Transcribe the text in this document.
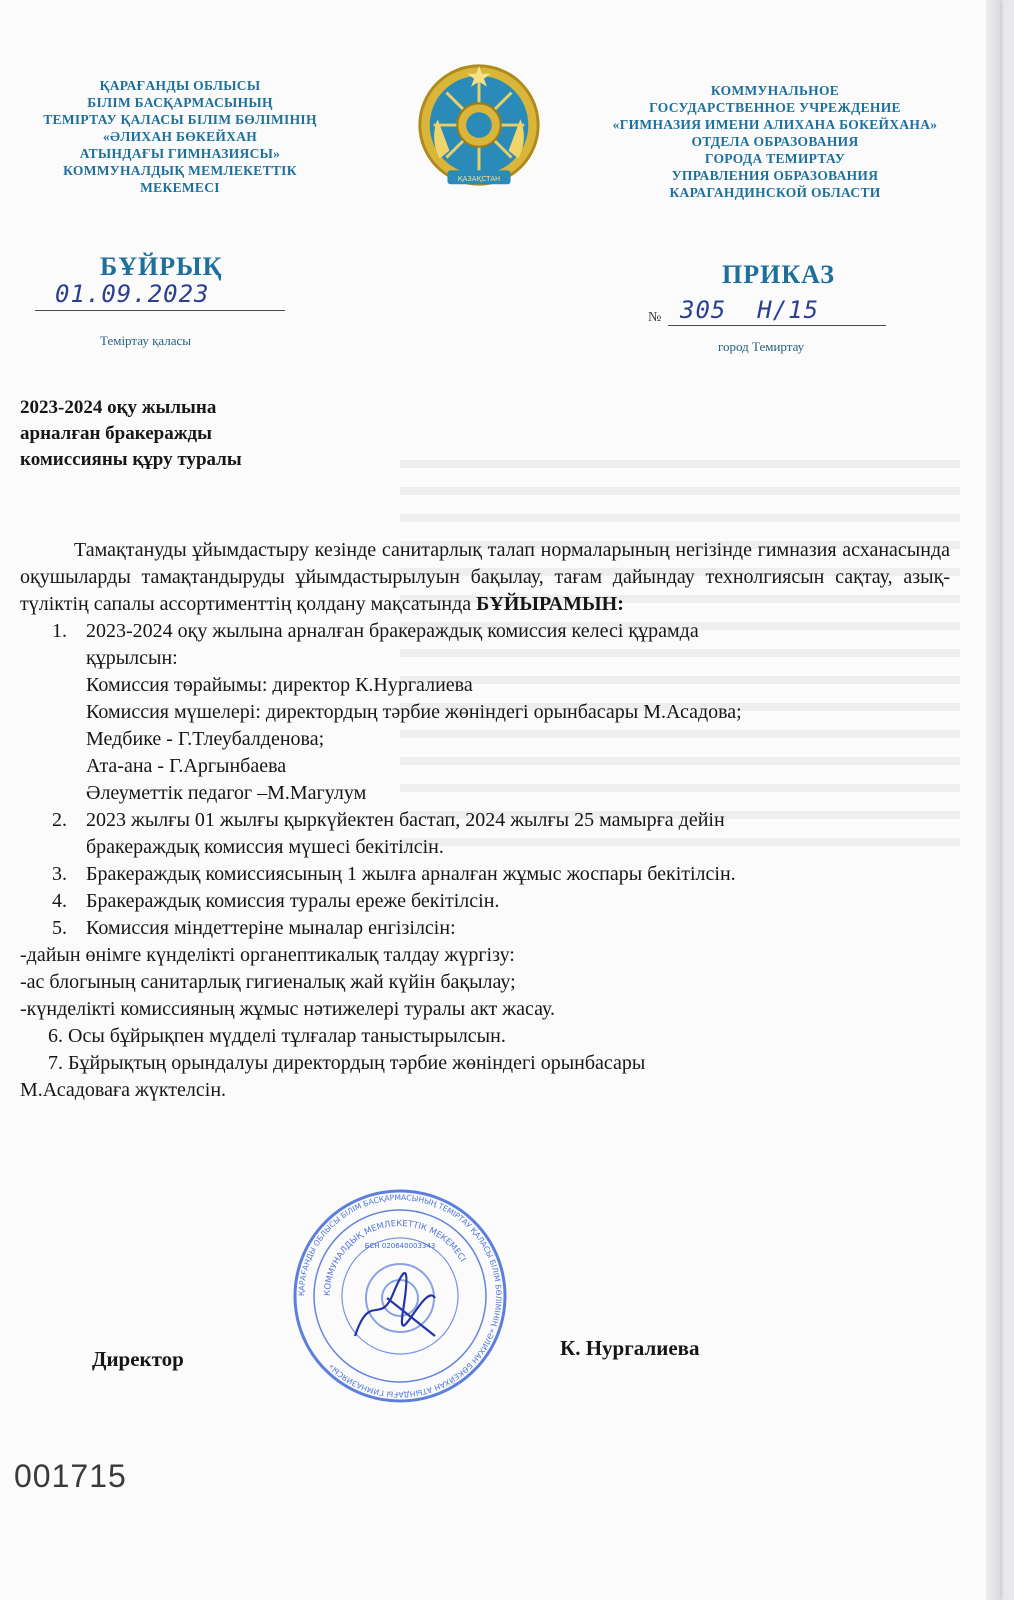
ҚАРАҒАНДЫ ОБЛЫСЫ
БІЛІМ БАСҚАРМАСЫНЫҢ
ТЕМІРТАУ ҚАЛАСЫ БІЛІМ БӨЛІМІНІҢ
«ӘЛИХАН БӨКЕЙХАН
АТЫНДАҒЫ ГИМНАЗИЯСЫ»
КОММУНАЛДЫҚ МЕМЛЕКЕТТІК
МЕКЕМЕСІ
ҚАЗАҚСТАН
КОММУНАЛЬНОЕ
ГОСУДАРСТВЕННОЕ УЧРЕЖДЕНИЕ
«ГИМНАЗИЯ ИМЕНИ АЛИХАНА БОКЕЙХАНА»
ОТДЕЛА ОБРАЗОВАНИЯ
ГОРОДА ТЕМИРТАУ
УПРАВЛЕНИЯ ОБРАЗОВАНИЯ
КАРАГАНДИНСКОЙ ОБЛАСТИ
БҰЙРЫҚ
01.09.2023
Теміртау қаласы
ПРИКАЗ
№ 305  Н/15
город Темиртау
2023-2024 оқу жылына
арналған бракеражды
комиссияны құру туралы

Тамақтануды ұйымдастыру кезінде санитарлық талап нормаларының негізінде гимназия асханасында оқушыларды тамақтандыруды ұйымдастырылуын бақылау, тағам дайындау технолгиясын сақтау, азық-түліктің сапалы ассортименттің қолдану мақсатында БҰЙЫРАМЫН:

1. 2023-2024 оқу жылына арналған бракераждық комиссия келесі құрамда
құрылсын:
Комиссия төрайымы: директор К.Нургалиева
Комиссия мүшелері: директордың тәрбие жөніндегі орынбасары М.Асадова;
Медбике - Г.Тлеубалденова;
Ата-ана - Г.Аргынбаева
Әлеуметтік педагог –М.Магулум
2. 2023 жылғы 01 жылғы қыркүйектен бастап, 2024 жылғы 25 мамырға дейін
бракераждық комиссия мүшесі бекітілсін.
3. Бракераждық комиссиясының 1 жылға арналған жұмыс жоспары бекітілсін.
4. Бракераждық комиссия туралы ереже бекітілсін.
5. Комиссия міндеттеріне мыналар енгізілсін:
-дайын өнімге күнделікті органептикалық талдау жүргізу:
-ас блогының санитарлық гигиеналық жай күйін бақылау;
-күнделікті комиссияның жұмыс нәтижелері туралы акт жасау.
6. Осы бұйрықпен мүдделі тұлғалар таныстырылсын.
7. Бұйрықтың орындалуы директордың тәрбие жөніндегі орынбасары
М.Асадоваға жүктелсін.
Директор	К. Нургалиева
ҚАРАҒАНДЫ ОБЛЫСЫ БІЛІМ БАСҚАРМАСЫНЫҢ ТЕМІРТАУ ҚАЛАСЫ БІЛІМ БӨЛІМІНІҢ «ӘЛИХАН БӨКЕЙХАН АТЫНДАҒЫ ГИМНАЗИЯСЫ»
КОММУНАЛДЫҚ МЕМЛЕКЕТТІК МЕКЕМЕСІ
БСН 020640003343
001715
